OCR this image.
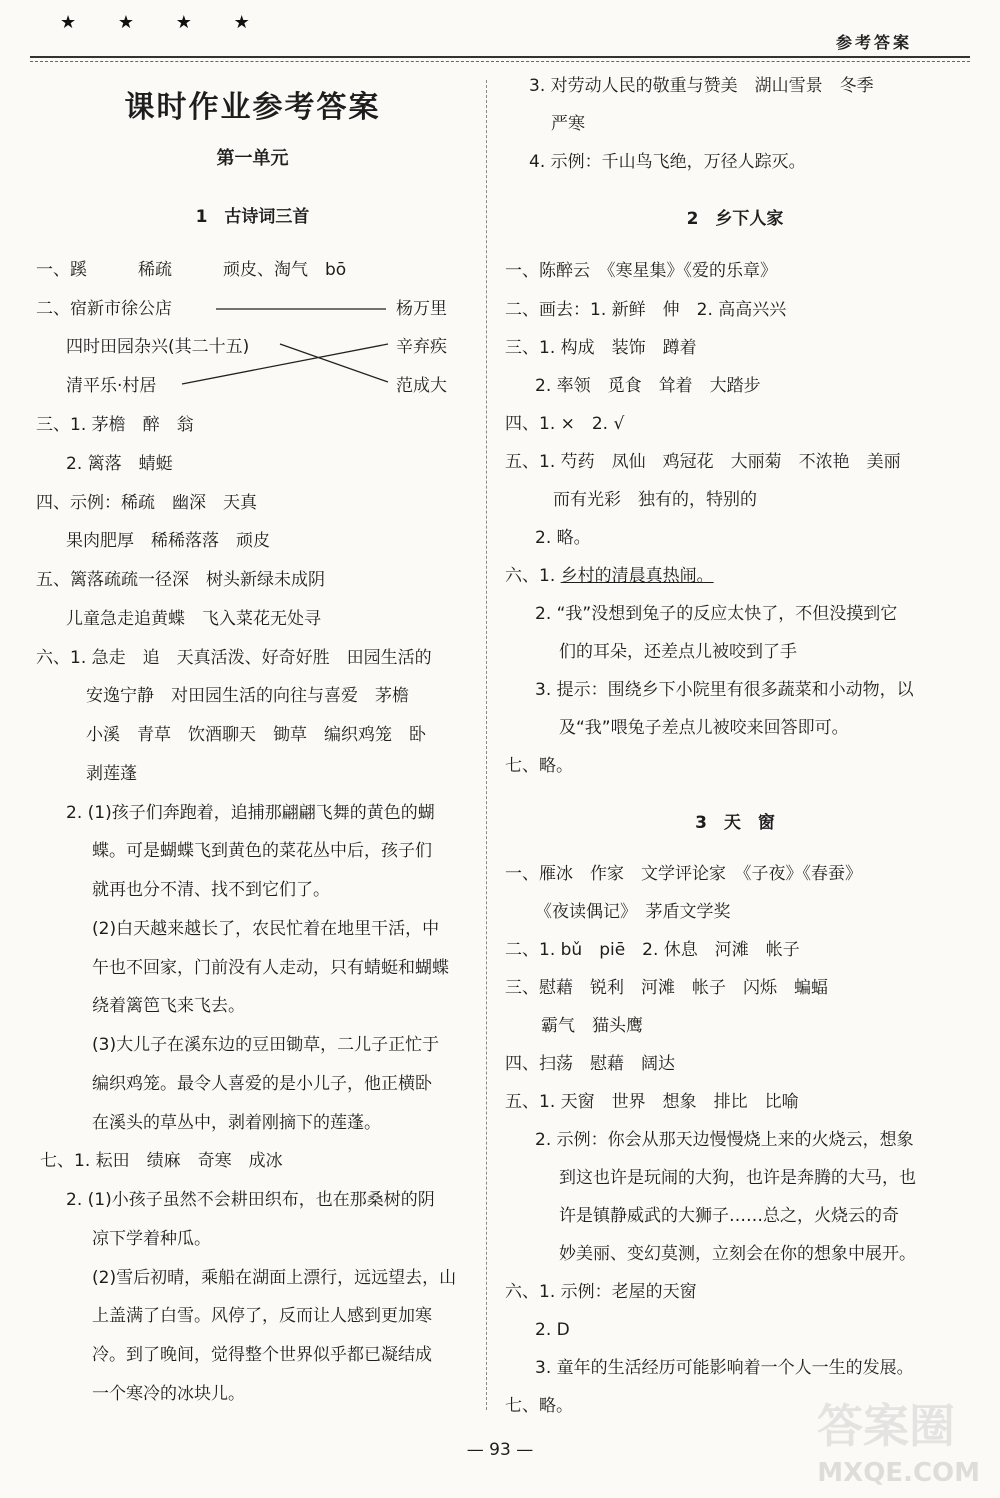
★ ★ ★ ★
参考答案
课时作业参考答案
第一单元
1　古诗词三首
一、蹊　　　稀疏　　　顽皮、淘气　bō
二、宿新市徐公店	杨万里
四时田园杂兴(其二十五)	辛弃疾
清平乐·村居	范成大
三、1. 茅檐　醉　翁
2. 篱落　蜻蜓
四、示例：稀疏　幽深　天真
果肉肥厚　稀稀落落　顽皮
五、篱落疏疏一径深　树头新绿未成阴
儿童急走追黄蝶　飞入菜花无处寻
六、1. 急走　追　天真活泼、好奇好胜　田园生活的
安逸宁静　对田园生活的向往与喜爱　茅檐
小溪　青草　饮酒聊天　锄草　编织鸡笼　卧
剥莲蓬
2. (1)孩子们奔跑着，追捕那翩翩飞舞的黄色的蝴
蝶。可是蝴蝶飞到黄色的菜花丛中后，孩子们
就再也分不清、找不到它们了。
(2)白天越来越长了，农民忙着在地里干活，中
午也不回家，门前没有人走动，只有蜻蜓和蝴蝶
绕着篱笆飞来飞去。
(3)大儿子在溪东边的豆田锄草，二儿子正忙于
编织鸡笼。最令人喜爱的是小儿子，他正横卧
在溪头的草丛中，剥着刚摘下的莲蓬。
七、1. 耘田　绩麻　奇寒　成冰
2. (1)小孩子虽然不会耕田织布，也在那桑树的阴
凉下学着种瓜。
(2)雪后初晴，乘船在湖面上漂行，远远望去，山
上盖满了白雪。风停了，反而让人感到更加寒
冷。到了晚间，觉得整个世界似乎都已凝结成
一个寒冷的冰块儿。
3. 对劳动人民的敬重与赞美　湖山雪景　冬季
严寒
4. 示例：千山鸟飞绝，万径人踪灭。
2　乡下人家
一、陈醉云　《寒星集》《爱的乐章》
二、画去：1. 新鲜　伸　2. 高高兴兴
三、1. 构成　装饰　蹲着
2. 率领　觅食　耸着　大踏步
四、1. ×　2. √
五、1. 芍药　凤仙　鸡冠花　大丽菊　不浓艳　美丽
而有光彩　独有的，特别的
2. 略。
六、1. 乡村的清晨真热闹。
2. “我”没想到兔子的反应太快了，不但没摸到它
们的耳朵，还差点儿被咬到了手
3. 提示：围绕乡下小院里有很多蔬菜和小动物，以
及“我”喂兔子差点儿被咬来回答即可。
七、略。
3　天　窗
一、雁冰　作家　文学评论家　《子夜》《春蚕》
《夜读偶记》　茅盾文学奖
二、1. bǔ　piē　2. 休息　河滩　帐子
三、慰藉　锐利　河滩　帐子　闪烁　蝙蝠
霸气　猫头鹰
四、扫荡　慰藉　阔达
五、1. 天窗　世界　想象　排比　比喻
2. 示例：你会从那天边慢慢烧上来的火烧云，想象
到这也许是玩闹的大狗，也许是奔腾的大马，也
许是镇静威武的大狮子……总之，火烧云的奇
妙美丽、变幻莫测，立刻会在你的想象中展开。
六、1. 示例：老屋的天窗
2. D
3. 童年的生活经历可能影响着一个人一生的发展。
七、略。
— 93 —	答案圈
MXQE.COM
